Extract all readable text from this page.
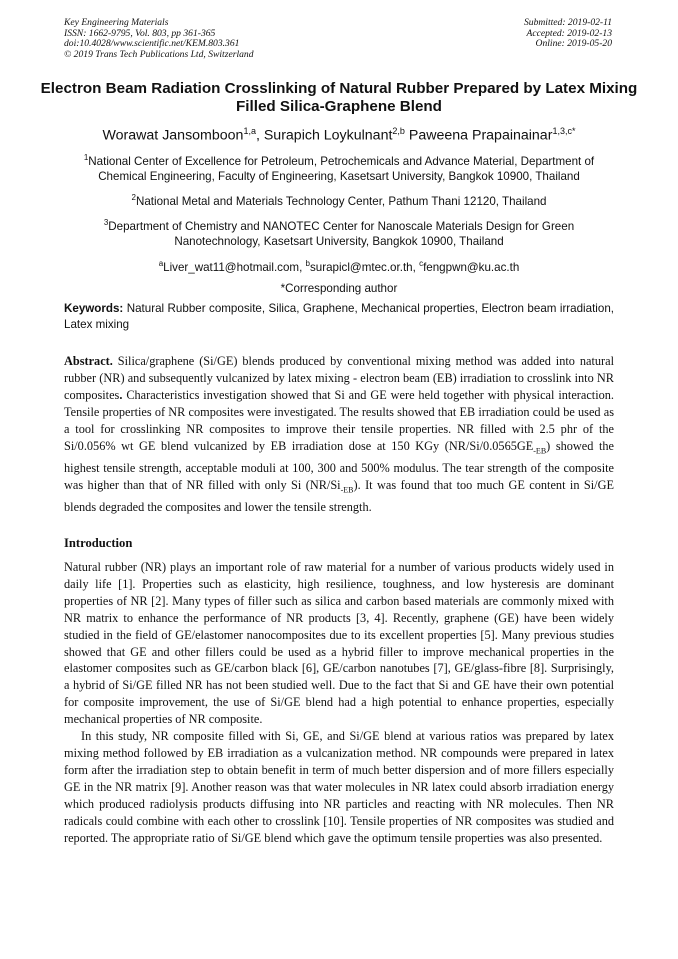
Key Engineering Materials
ISSN: 1662-9795, Vol. 803, pp 361-365
doi:10.4028/www.scientific.net/KEM.803.361
© 2019 Trans Tech Publications Ltd, Switzerland
Submitted: 2019-02-11
Accepted: 2019-02-13
Online: 2019-05-20
Electron Beam Radiation Crosslinking of Natural Rubber Prepared by Latex Mixing Filled Silica-Graphene Blend
Worawat Jansomboon$^{1,a}$, Surapich Loykulnant$^{2,b}$ Paweena Prapainainar$^{1,3,c*}$

$^1$National Center of Excellence for Petroleum, Petrochemicals and Advance Material, Department of Chemical Engineering, Faculty of Engineering, Kasetsart University, Bangkok 10900, Thailand

$^2$National Metal and Materials Technology Center, Pathum Thani 12120, Thailand

$^3$Department of Chemistry and NANOTEC Center for Nanoscale Materials Design for Green Nanotechnology, Kasetsart University, Bangkok 10900, Thailand

$^a$Liver_wat11@hotmail.com, $^b$surapicl@mtec.or.th, $^c$fengpwn@ku.ac.th

*Corresponding author

Keywords: Natural Rubber composite, Silica, Graphene, Mechanical properties, Electron beam irradiation, Latex mixing
Abstract. Silica/graphene (Si/GE) blends produced by conventional mixing method was added into natural rubber (NR) and subsequently vulcanized by latex mixing - electron beam (EB) irradiation to crosslink into NR composites. Characteristics investigation showed that Si and GE were held together with physical interaction. Tensile properties of NR composites were investigated. The results showed that EB irradiation could be used as a tool for crosslinking NR composites to improve their tensile properties. NR filled with 2.5 phr of the Si/0.056% wt GE blend vulcanized by EB irradiation dose at 150 KGy $(NR/Si/0.0565GE_{-EB})$ showed the highest tensile strength, acceptable moduli at 100, 300 and 500% modulus. The tear strength of the composite was higher than that of NR filled with only Si $(NR/Si_{-EB})$. It was found that too much GE content in Si/GE blends degraded the composites and lower the tensile strength.
Introduction

Natural rubber (NR) plays an important role of raw material for a number of various products widely used in daily life [1]. Properties such as elasticity, high resilience, toughness, and low hysteresis are dominant properties of NR [2]. Many types of filler such as silica and carbon based materials are commonly mixed with NR matrix to enhance the performance of NR products [3, 4]. Recently, graphene (GE) have been widely studied in the field of GE/elastomer nanocomposites due to its excellent properties [5]. Many previous studies showed that GE and other fillers could be used as a hybrid filler to improve mechanical properties in the elastomer composites such as GE/carbon black [6], GE/carbon nanotubes [7], GE/glass-fibre [8]. Surprisingly, a hybrid of Si/GE filled NR has not been studied well. Due to the fact that Si and GE have their own potential for composite improvement, the use of Si/GE blend had a high potential to enhance properties, especially mechanical properties of NR composite.

In this study, NR composite filled with Si, GE, and Si/GE blend at various ratios was prepared by latex mixing method followed by EB irradiation as a vulcanization method. NR compounds were prepared in latex form after the irradiation step to obtain benefit in term of much better dispersion and of more fillers especially GE in the NR matrix [9]. Another reason was that water molecules in NR latex could absorb irradiation energy which produced radiolysis products diffusing into NR particles and reacting with NR molecules. Then NR radicals could combine with each other to crosslink [10]. Tensile properties of NR composites was studied and reported. The appropriate ratio of Si/GE blend which gave the optimum tensile properties was also presented.
